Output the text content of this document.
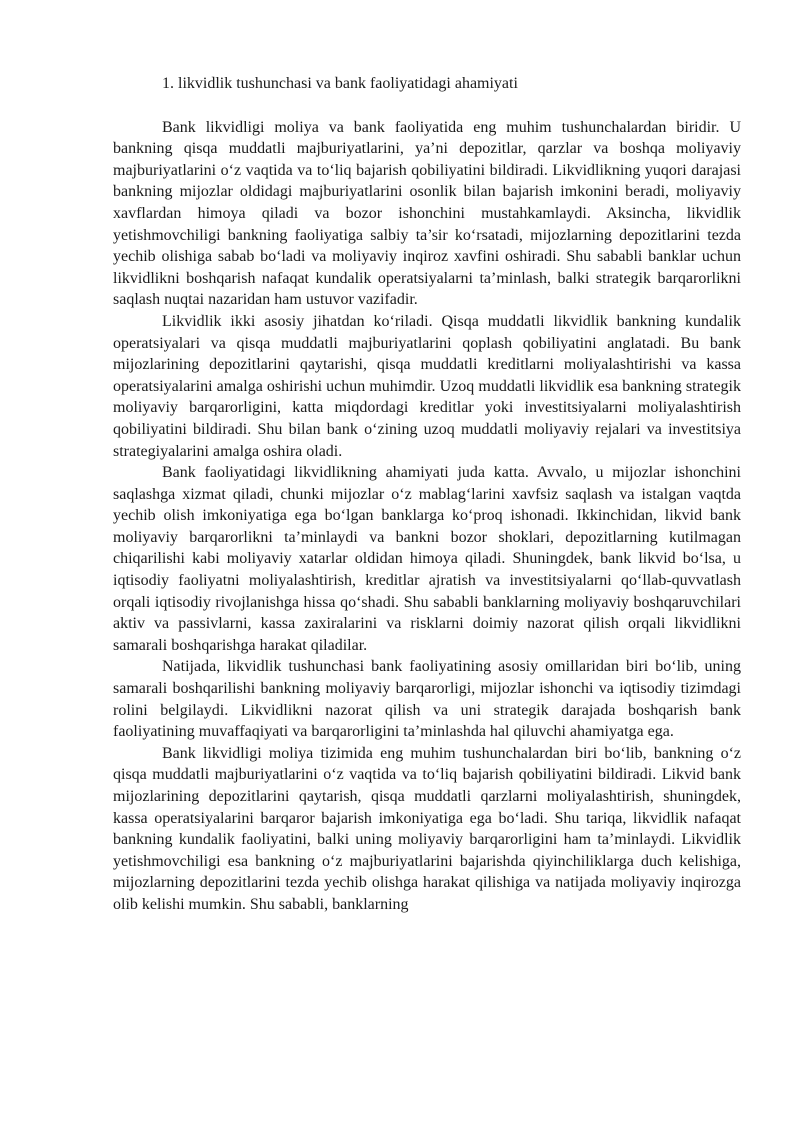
1. likvidlik tushunchasi va bank faoliyatidagi ahamiyati

Bank likvidligi moliya va bank faoliyatida eng muhim tushunchalardan biridir. U bankning qisqa muddatli majburiyatlarini, ya’ni depozitlar, qarzlar va boshqa moliyaviy majburiyatlarini o‘z vaqtida va to‘liq bajarish qobiliyatini bildiradi. Likvidlikning yuqori darajasi bankning mijozlar oldidagi majburiyatlarini osonlik bilan bajarish imkonini beradi, moliyaviy xavflardan himoya qiladi va bozor ishonchini mustahkamlaydi. Aksincha, likvidlik yetishmovchiligi bankning faoliyatiga salbiy ta’sir ko‘rsatadi, mijozlarning depozitlarini tezda yechib olishiga sabab bo‘ladi va moliyaviy inqiroz xavfini oshiradi. Shu sababli banklar uchun likvidlikni boshqarish nafaqat kundalik operatsiyalarni ta’minlash, balki strategik barqarorlikni saqlash nuqtai nazaridan ham ustuvor vazifadir.

Likvidlik ikki asosiy jihatdan ko‘riladi. Qisqa muddatli likvidlik bankning kundalik operatsiyalari va qisqa muddatli majburiyatlarini qoplash qobiliyatini anglatadi. Bu bank mijozlarining depozitlarini qaytarishi, qisqa muddatli kreditlarni moliyalashtirishi va kassa operatsiyalarini amalga oshirishi uchun muhimdir. Uzoq muddatli likvidlik esa bankning strategik moliyaviy barqarorligini, katta miqdordagi kreditlar yoki investitsiyalarni moliyalashtirish qobiliyatini bildiradi. Shu bilan bank o‘zining uzoq muddatli moliyaviy rejalari va investitsiya strategiyalarini amalga oshira oladi.

Bank faoliyatidagi likvidlikning ahamiyati juda katta. Avvalo, u mijozlar ishonchini saqlashga xizmat qiladi, chunki mijozlar o‘z mablag‘larini xavfsiz saqlash va istalgan vaqtda yechib olish imkoniyatiga ega bo‘lgan banklarga ko‘proq ishonadi. Ikkinchidan, likvid bank moliyaviy barqarorlikni ta’minlaydi va bankni bozor shoklari, depozitlarning kutilmagan chiqarilishi kabi moliyaviy xatarlar oldidan himoya qiladi. Shuningdek, bank likvid bo‘lsa, u iqtisodiy faoliyatni moliyalashtirish, kreditlar ajratish va investitsiyalarni qo‘llab-quvvatlash orqali iqtisodiy rivojlanishga hissa qo‘shadi. Shu sababli banklarning moliyaviy boshqaruvchilari aktiv va passivlarni, kassa zaxiralarini va risklarni doimiy nazorat qilish orqali likvidlikni samarali boshqarishga harakat qiladilar.

Natijada, likvidlik tushunchasi bank faoliyatining asosiy omillaridan biri bo‘lib, uning samarali boshqarilishi bankning moliyaviy barqarorligi, mijozlar ishonchi va iqtisodiy tizimdagi rolini belgilaydi. Likvidlikni nazorat qilish va uni strategik darajada boshqarish bank faoliyatining muvaffaqiyati va barqarorligini ta’minlashda hal qiluvchi ahamiyatga ega.

Bank likvidligi moliya tizimida eng muhim tushunchalardan biri bo‘lib, bankning o‘z qisqa muddatli majburiyatlarini o‘z vaqtida va to‘liq bajarish qobiliyatini bildiradi. Likvid bank mijozlarining depozitlarini qaytarish, qisqa muddatli qarzlarni moliyalashtirish, shuningdek, kassa operatsiyalarini barqaror bajarish imkoniyatiga ega bo‘ladi. Shu tariqa, likvidlik nafaqat bankning kundalik faoliyatini, balki uning moliyaviy barqarorligini ham ta’minlaydi. Likvidlik yetishmovchiligi esa bankning o‘z majburiyatlarini bajarishda qiyinchiliklarga duch kelishiga, mijozlarning depozitlarini tezda yechib olishga harakat qilishiga va natijada moliyaviy inqirozga olib kelishi mumkin. Shu sababli, banklarning
